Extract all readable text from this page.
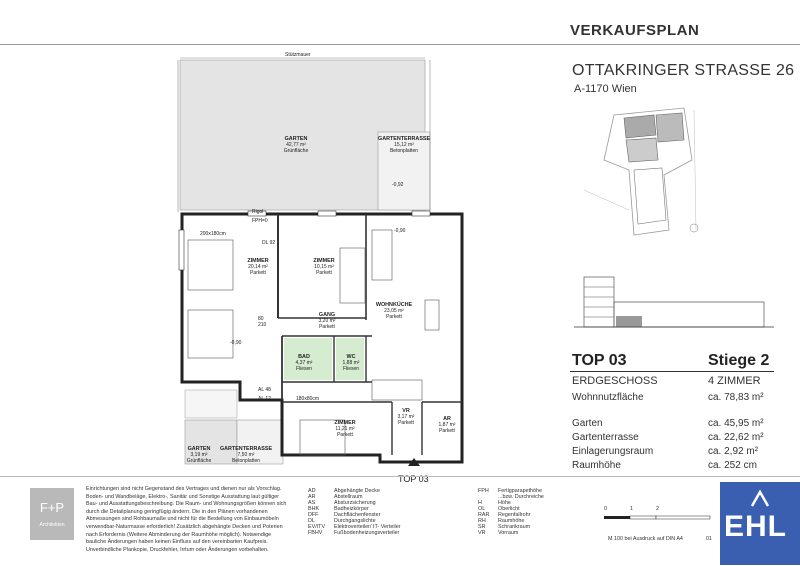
VERKAUFSPLAN
OTTAKRINGER STRASSE 26
A-1170 Wien
TOP 03	Stiege 2
ERDGESCHOSS	4 ZIMMER
Wohnnutzfläche	ca. 78,83 m²
Garten	ca. 45,95 m²
Gartenterrasse	ca. 22,62 m²
Einlagerungsraum	ca. 2,92 m²
Raumhöhe	ca. 252 cm
GARTEN
42,77 m²
Grünfläche
GARTENTERRASSE
15,12 m²
Betonplatten
ZIMMER
20,14 m²
Parkett
ZIMMER
10,15 m²
Parkett
WOHNKÜCHE
23,05 m²
Parkett
GANG
3,20 m²
Parkett
BAD
4,37 m²
Fliesen
WC
1,88 m²
Fliesen
ZIMMER
11,21 m²
Parkett
VR
3,17 m²
Parkett
AR
1,87 m²
Parkett
GARTEN
3,19 m²
Grünfläche
GARTENTERRASSE
7,50 m²
Betonplatten
200x180cm
180x80cm
FPH=0
-0,92
-0,90
-0,90
Rigol
80
210
AL 48
AL 12
Stützmauer
DL 92
TOP 03
F+P
Architekten
Einrichtungen sind nicht Gegenstand des Vertrages und dienen nur als Vorschlag. Boden- und Wandbeläge, Elektro-, Sanitär und Sonstige Ausstattung laut gültiger Bau- und Ausstattungsbeschreibung. Die Raum- und Wohnungsgrößen können sich durch die Detailplanung geringfügig ändern. Die in den Plänen vorhandenen Abmessungen sind Rohbaumaße und nicht für die Bestellung von Einbaumöbeln verwendbar-Naturmasse erforderlich! Zusätzlich abgehängte Decken und Poterien nach Erfordernis (Weitere Abminderung der Raumhöhe möglich). Notwendige bauliche Änderungen haben keinen Einfluss auf den vereinbarten Kaufpreis. Unverbindliche Plankopie, Druckfehler, Irrtum oder Änderungen vorbehalten.
AD	Abgehängte Decke
AR	Abstellraum
AS	Absturzsicherung
BHK	Badheizkörper
DFF	Dachflächenfenster
DL	Durchgangslichte
EV/ITV Elektroverteiler/ IT- Verteiler
FBHV Fußbodenheizungsverteiler
FPH Fertigparapethöhe
...bzw. Durchreiche
H	Höhe
OL Oberlicht
RAR Regenfallrohr
RH Raumhöhe
SR Schrankraum
VR Vorraum
0	1	2
M 100 bei Ausdruck auf DIN A4	01 EHL
